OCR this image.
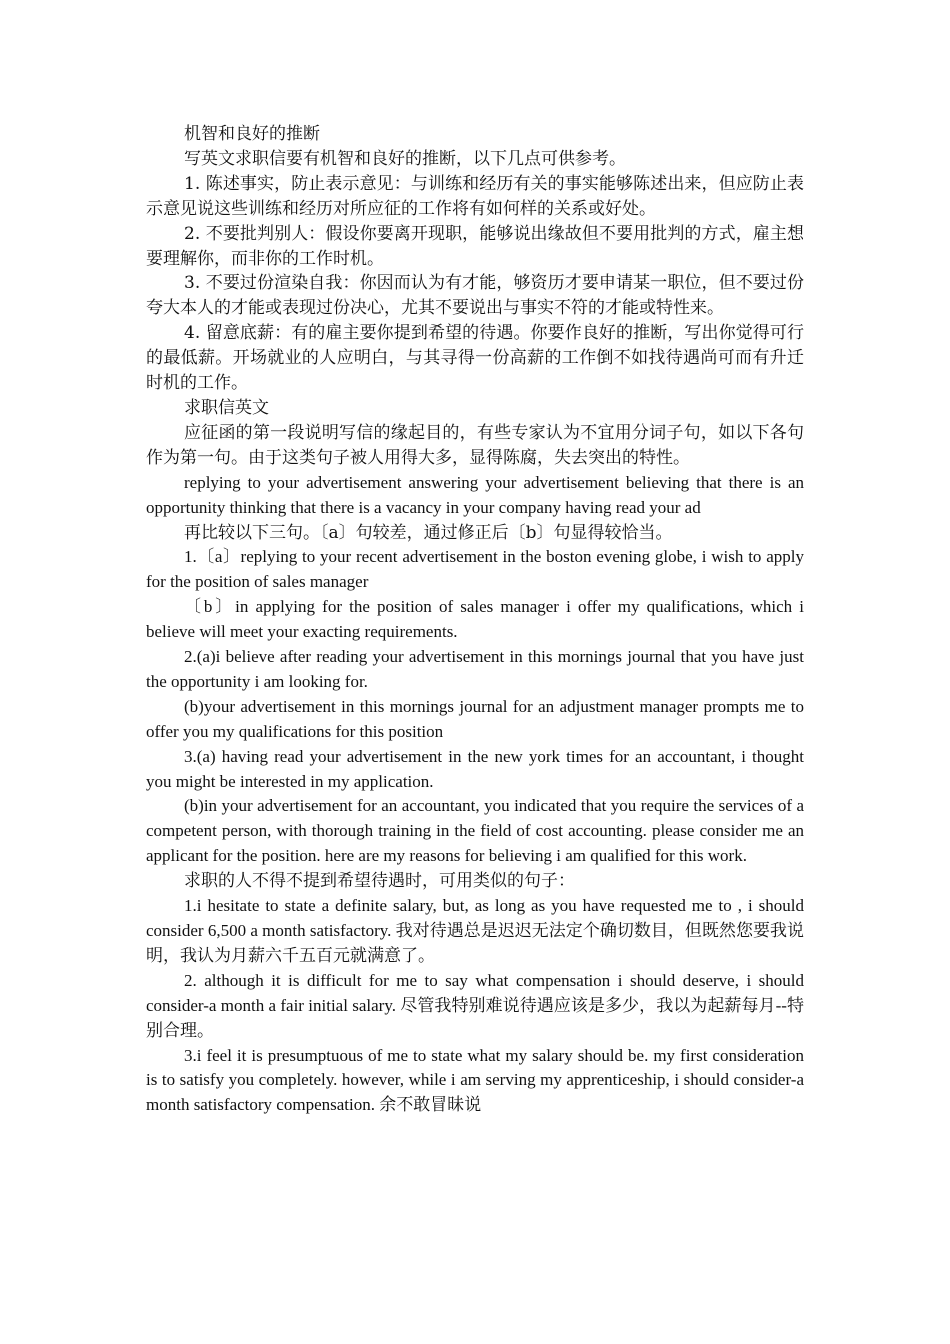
机智和良好的推断

写英文求职信要有机智和良好的推断，以下几点可供参考。

1. 陈述事实，防止表示意见：与训练和经历有关的事实能够陈述出来，但应防止表示意见说这些训练和经历对所应征的工作将有如何样的关系或好处。

2. 不要批判别人：假设你要离开现职，能够说出缘故但不要用批判的方式，雇主想要理解你，而非你的工作时机。

3. 不要过份渲染自我：你因而认为有才能，够资历才要申请某一职位，但不要过份夸大本人的才能或表现过份决心，尤其不要说出与事实不符的才能或特性来。

4. 留意底薪：有的雇主要你提到希望的待遇。你要作良好的推断，写出你觉得可行的最低薪。开场就业的人应明白，与其寻得一份高薪的工作倒不如找待遇尚可而有升迁时机的工作。

求职信英文

应征函的第一段说明写信的缘起目的，有些专家认为不宜用分词子句，如以下各句作为第一句。由于这类句子被人用得大多，显得陈腐，失去突出的特性。

replying to your advertisement answering your advertisement believing that there is an opportunity thinking that there is a vacancy in your company having read your ad

再比较以下三句。〔a〕句较差，通过修正后〔b〕句显得较恰当。

1.〔a〕replying to your recent advertisement in the boston evening globe, i wish to apply for the position of sales manager

〔b〕in applying for the position of sales manager i offer my qualifications, which i believe will meet your exacting requirements.

2.(a)i believe after reading your advertisement in this mornings journal that you have just the opportunity i am looking for.

(b)your advertisement in this mornings journal for an adjustment manager prompts me to offer you my qualifications for this position

3.(a) having read your advertisement in the new york times for an accountant, i thought you might be interested in my application.

(b)in your advertisement for an accountant, you indicated that you require the services of a competent person, with thorough training in the field of cost accounting. please consider me an applicant for the position. here are my reasons for believing i am qualified for this work.

求职的人不得不提到希望待遇时，可用类似的句子：

1.i hesitate to state a definite salary, but, as long as you have requested me to , i should consider 6,500 a month satisfactory. 我对待遇总是迟迟无法定个确切数目，但既然您要我说明，我认为月薪六千五百元就满意了。

2. although it is difficult for me to say what compensation i should deserve, i should consider-a month a fair initial salary. 尽管我特别难说待遇应该是多少，我以为起薪每月--特别合理。

3.i feel it is presumptuous of me to state what my salary should be. my first consideration is to satisfy you completely. however, while i am serving my apprenticeship, i should consider-a month satisfactory compensation. 余不敢冒昧说
